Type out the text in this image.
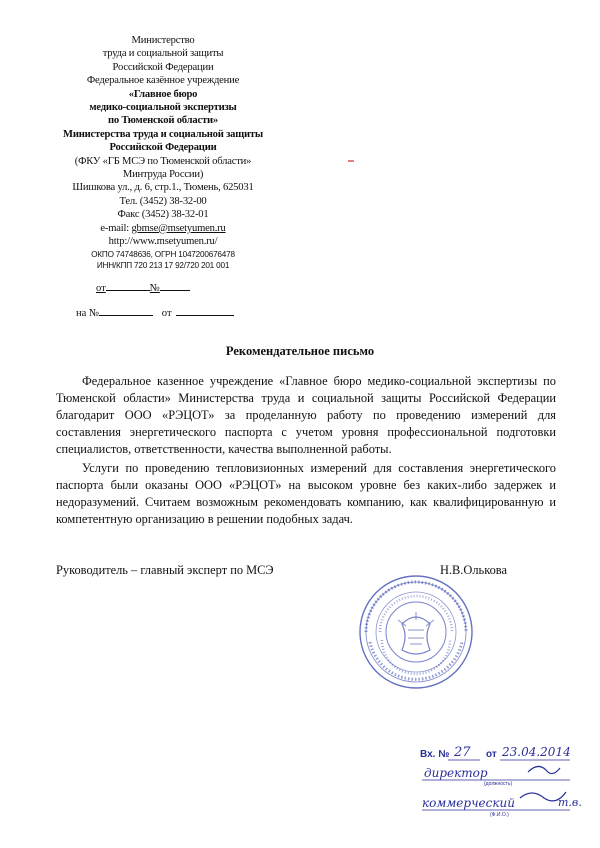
Министерство
труда и социальной защиты
Российской Федерации
Федеральное казённое учреждение
«Главное бюро
медико-социальной экспертизы
по Тюменской области»
Министерства труда и социальной защиты
Российской Федерации
(ФКУ «ГБ МСЭ по Тюменской области»
Минтруда России)
Шишкова ул., д. 6, стр.1., Тюмень, 625031
Тел. (3452) 38-32-00
Факс (3452) 38-32-01
e-mail: gbmse@msetyumen.ru
http://www.msetyumen.ru/
ОКПО 74748636, ОГРН 1047200676478
ИНН/КПП 720 213 17 92/720 201 001
от	№
на №	от
Рекомендательное письмо

Федеральное казенное учреждение «Главное бюро медико-социальной экспертизы по Тюменской области» Министерства труда и социальной защиты Российской Федерации благодарит ООО «РЭЦОТ» за проделанную работу по проведению измерений для составления энергетического паспорта с учетом уровня профессиональной подготовки специалистов, ответственности, качества выполненной работы.

Услуги по проведению тепловизионных измерений для составления энергетического паспорта были оказаны ООО «РЭЦОТ» на высоком уровне без каких-либо задержек и недоразумений. Считаем возможным рекомендовать компанию, как квалифицированную и компетентную организацию в решении подобных задач.

Руководитель – главный эксперт по МСЭ	Н.В.Олькова
Вх. № 27 от 23.04.2014
директор
(должность)
коммерческий	т.в.
(Ф.И.О.)
